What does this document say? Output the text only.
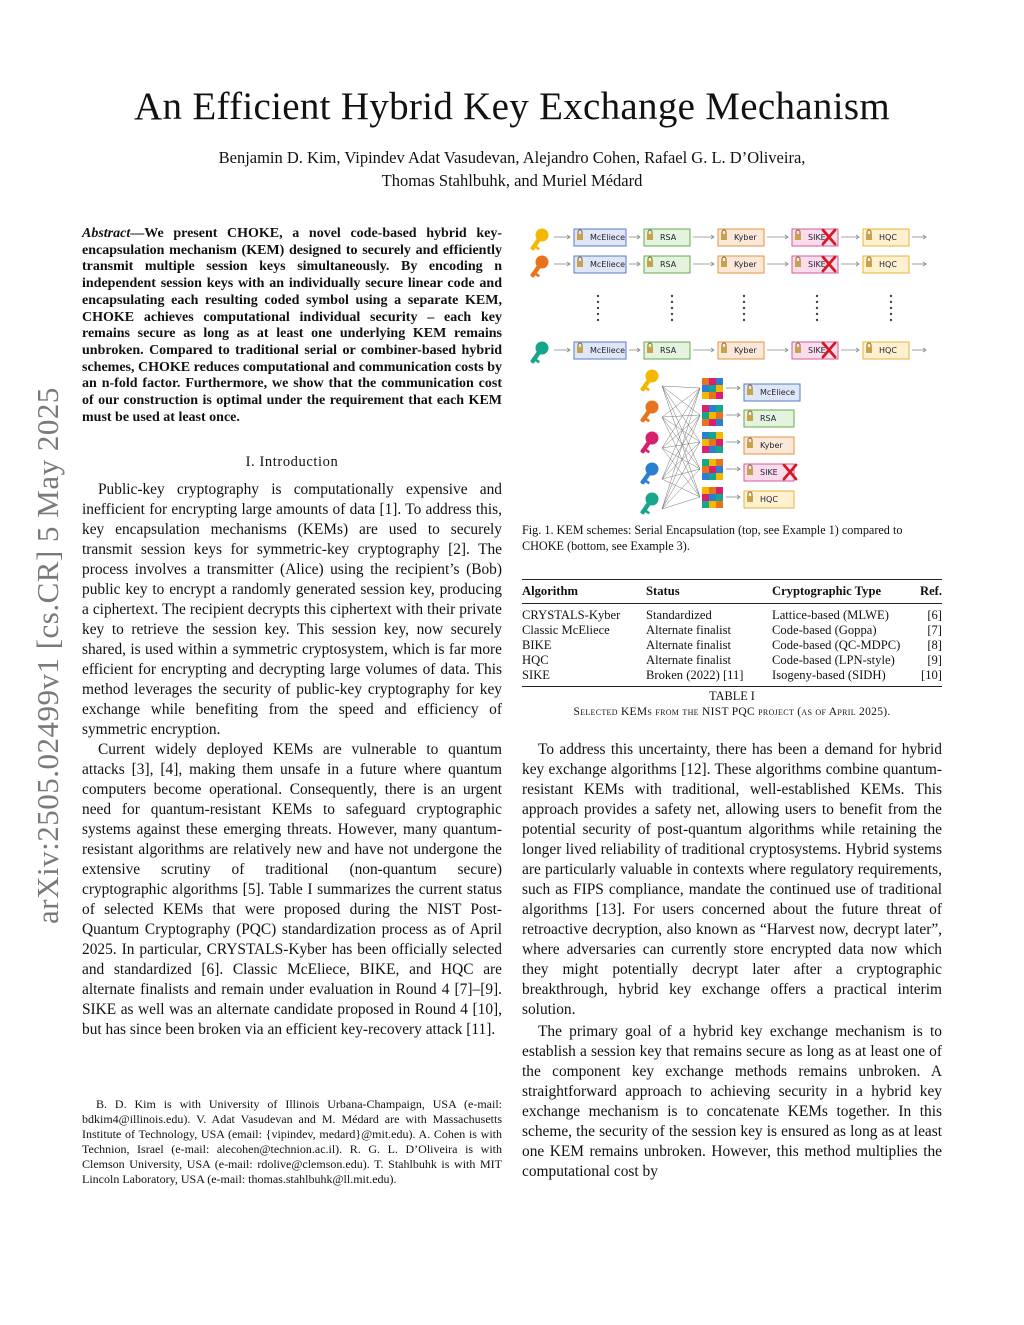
arXiv:2505.02499v1 [cs.CR] 5 May 2025
An Efficient Hybrid Key Exchange Mechanism
Benjamin D. Kim, Vipindev Adat Vasudevan, Alejandro Cohen, Rafael G. L. D’Oliveira,
Thomas Stahlbuhk, and Muriel Médard
Abstract—We present CHOKE, a novel code-based hybrid key-encapsulation mechanism (KEM) designed to securely and efficiently transmit multiple session keys simultaneously. By encoding n independent session keys with an individually secure linear code and encapsulating each resulting coded symbol using a separate KEM, CHOKE achieves computational individual security – each key remains secure as long as at least one underlying KEM remains unbroken. Compared to traditional serial or combiner-based hybrid schemes, CHOKE reduces computational and communication costs by an n-fold factor. Furthermore, we show that the communication cost of our construction is optimal under the requirement that each KEM must be used at least once.
I. Introduction

Public-key cryptography is computationally expensive and inefficient for encrypting large amounts of data [1]. To address this, key encapsulation mechanisms (KEMs) are used to securely transmit session keys for symmetric-key cryptography [2]. The process involves a transmitter (Alice) using the recipient’s (Bob) public key to encrypt a randomly generated session key, producing a ciphertext. The recipient decrypts this ciphertext with their private key to retrieve the session key. This session key, now securely shared, is used within a symmetric cryptosystem, which is far more efficient for encrypting and decrypting large volumes of data. This method leverages the security of public-key cryptography for key exchange while benefiting from the speed and efficiency of symmetric encryption.

Current widely deployed KEMs are vulnerable to quantum attacks [3], [4], making them unsafe in a future where quantum computers become operational. Consequently, there is an urgent need for quantum-resistant KEMs to safeguard cryptographic systems against these emerging threats. However, many quantum-resistant algorithms are relatively new and have not undergone the extensive scrutiny of traditional (non-quantum secure) cryptographic algorithms [5]. Table I summarizes the current status of selected KEMs that were proposed during the NIST Post-Quantum Cryptography (PQC) standardization process as of April 2025. In particular, CRYSTALS-Kyber has been officially selected and standardized [6]. Classic McEliece, BIKE, and HQC are alternate finalists and remain under evaluation in Round 4 [7]–[9]. SIKE as well was an alternate candidate proposed in Round 4 [10], but has since been broken via an efficient key-recovery attack [11].

B. D. Kim is with University of Illinois Urbana-Champaign, USA (e-mail: bdkim4@illinois.edu). V. Adat Vasudevan and M. Médard are with Massachusetts Institute of Technology, USA (email: {vipindev, medard}@mit.edu). A. Cohen is with Technion, Israel (e-mail: alecohen@technion.ac.il). R. G. L. D’Oliveira is with Clemson University, USA (e-mail: rdolive@clemson.edu). T. Stahlbuhk is with MIT Lincoln Laboratory, USA (e-mail: thomas.stahlbuhk@ll.mit.edu).
McEliece	RSA	Kyber	SIKE	HQC
McEliece	RSA	Kyber	SIKE	HQC
McEliece	RSA	Kyber	SIKE	HQC
McEliece
RSA
Kyber
SIKE
HQC
Fig. 1. KEM schemes: Serial Encapsulation (top, see Example 1) compared to CHOKE (bottom, see Example 3).
Algorithm	Status	Cryptographic Type	Ref.
CRYSTALS-Kyber	Standardized	Lattice-based (MLWE)	[6]
Classic McEliece	Alternate finalist	Code-based (Goppa)	[7]
BIKE	Alternate finalist	Code-based (QC-MDPC)	[8]
HQC	Alternate finalist	Code-based (LPN-style)	[9]
SIKE	Broken (2022) [11]	Isogeny-based (SIDH)	[10]
TABLE I
Selected KEMs from the NIST PQC project (as of April 2025).

To address this uncertainty, there has been a demand for hybrid key exchange algorithms [12]. These algorithms combine quantum-resistant KEMs with traditional, well-established KEMs. This approach provides a safety net, allowing users to benefit from the potential security of post-quantum algorithms while retaining the longer lived reliability of traditional cryptosystems. Hybrid systems are particularly valuable in contexts where regulatory requirements, such as FIPS compliance, mandate the continued use of traditional algorithms [13]. For users concerned about the future threat of retroactive decryption, also known as “Harvest now, decrypt later”, where adversaries can currently store encrypted data now which they might potentially decrypt later after a cryptographic breakthrough, hybrid key exchange offers a practical interim solution.

The primary goal of a hybrid key exchange mechanism is to establish a session key that remains secure as long as at least one of the component key exchange methods remains unbroken. A straightforward approach to achieving security in a hybrid key exchange mechanism is to concatenate KEMs together. In this scheme, the security of the session key is ensured as long as at least one KEM remains unbroken. However, this method multiplies the computational cost by
